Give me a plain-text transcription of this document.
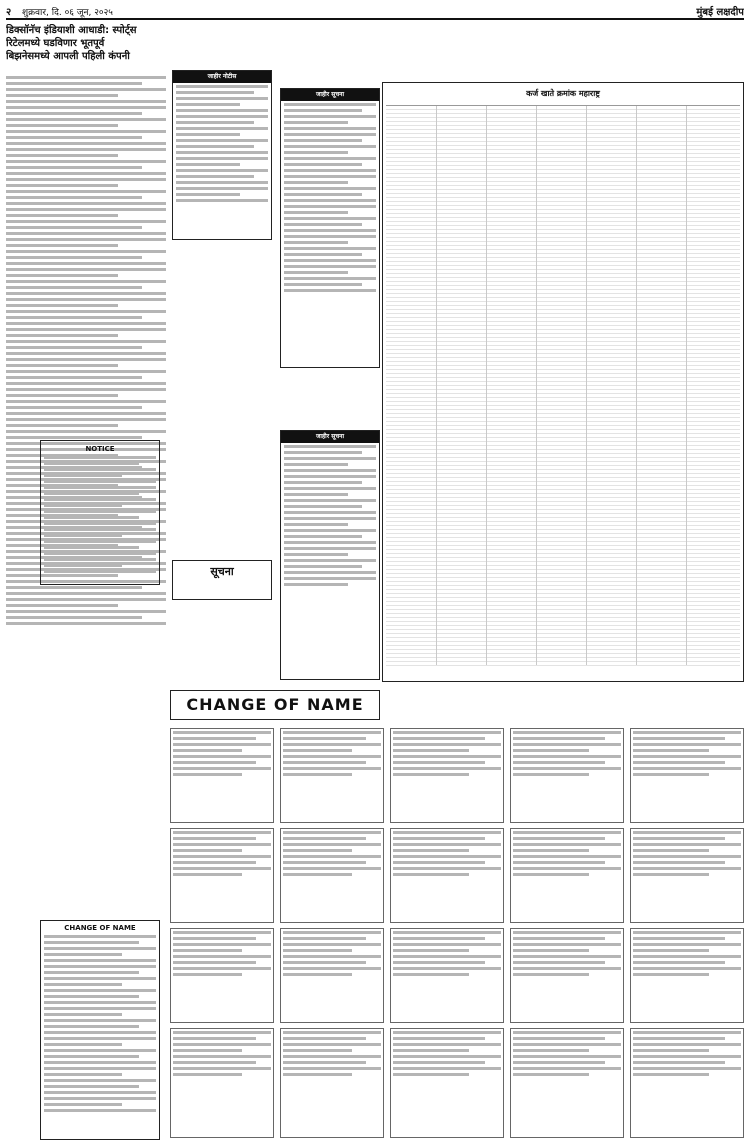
२ शुक्रवार, दि. ०६ जून, २०२५	मुंबई लक्षदीप
डिक्सॉनॅच इंडियाशी आधाडी: स्पोर्ट्स
रिटेलमध्ये घडविणार भूतपूर्व
बिझनेसमध्ये आपली पहिली कंपनी
NOTICE
CHANGE OF NAME
जाहीर नोटीस
सूचना
जाहीर सूचना
जाहीर सूचना
CHANGE OF NAME
कर्ज खाते क्रमांक महाराष्ट्र
